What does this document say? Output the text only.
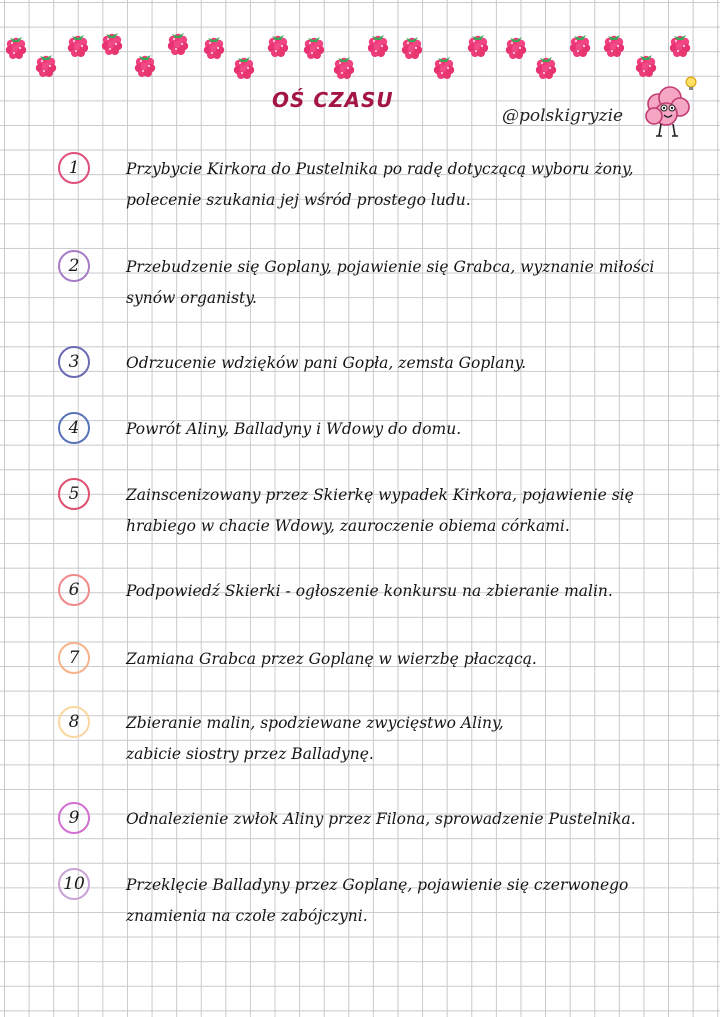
OŚ CZASU
@polskigryzie
1	Przybycie Kirkora do Pustelnika po radę dotyczącą wyboru żony,
polecenie szukania jej wśród prostego ludu.
2	Przebudzenie się Goplany, pojawienie się Grabca, wyznanie miłości
synów organisty.
3	Odrzucenie wdzięków pani Gopła, zemsta Goplany.
4	Powrót Aliny, Balladyny i Wdowy do domu.
5	Zainscenizowany przez Skierkę wypadek Kirkora, pojawienie się
hrabiego w chacie Wdowy, zauroczenie obiema córkami.
6	Podpowiedź Skierki - ogłoszenie konkursu na zbieranie malin.
7	Zamiana Grabca przez Goplanę w wierzbę płaczącą.
8	Zbieranie malin, spodziewane zwycięstwo Aliny,
zabicie siostry przez Balladynę.
9	Odnalezienie zwłok Aliny przez Filona, sprowadzenie Pustelnika.
10	Przeklęcie Balladyny przez Goplanę, pojawienie się czerwonego
znamienia na czole zabójczyni.
